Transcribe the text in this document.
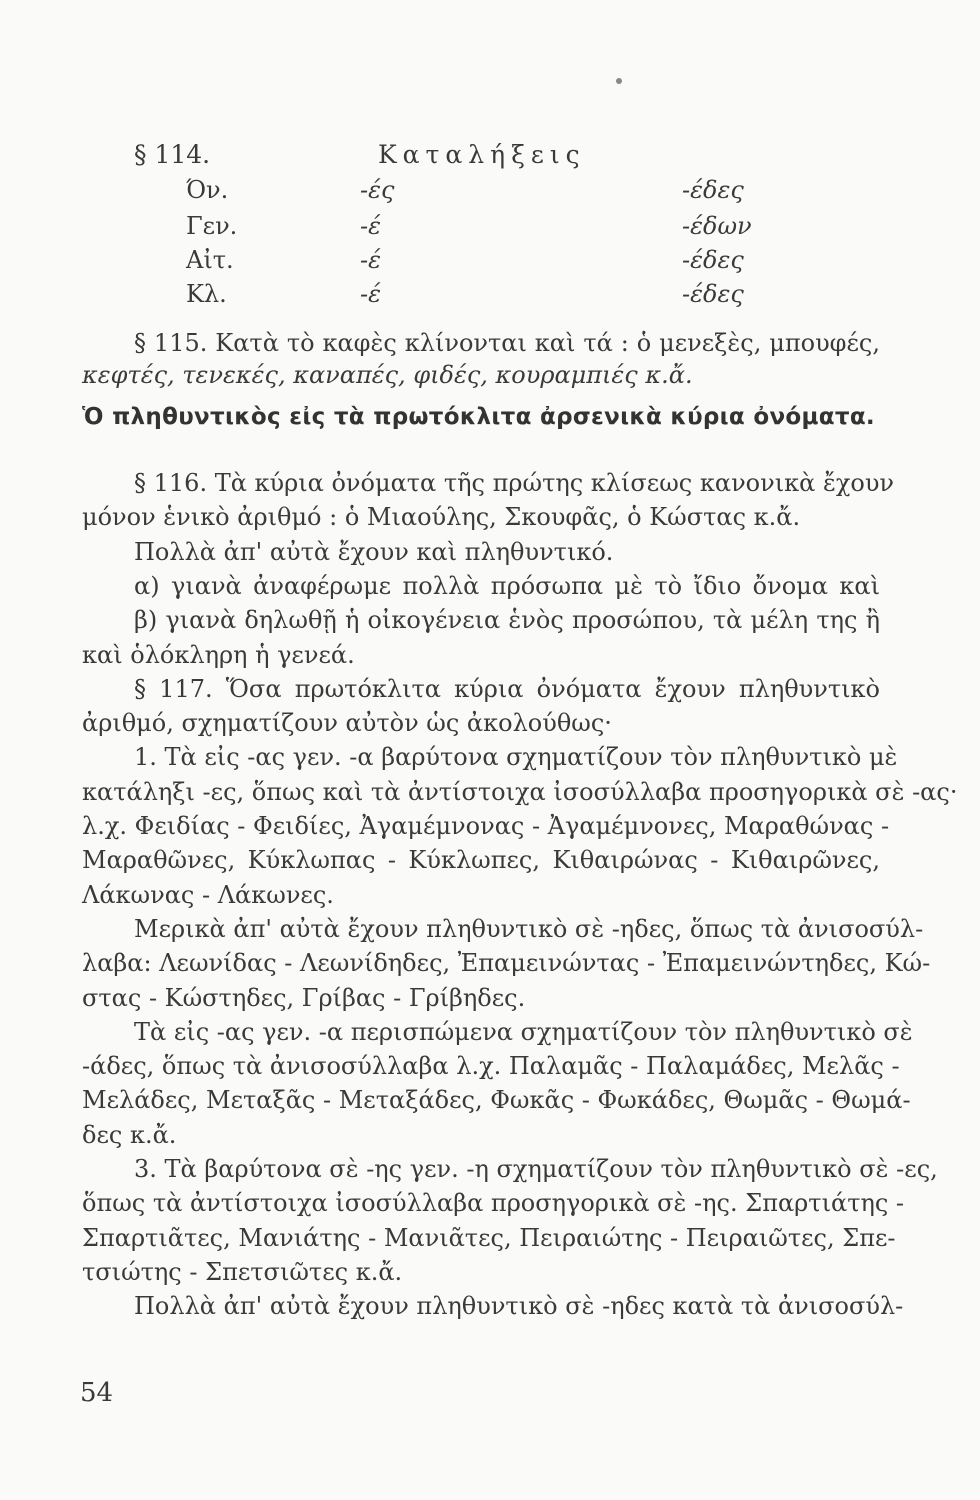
§ 114.	Καταλήξεις
Όν.	-ές	-έδες
Γεν.	-έ	-έδων
Αἰτ.	-έ	-έδες
Κλ.	-έ	-έδες
§ 115. Κατὰ τὸ καφὲς κλίνονται καὶ τά : ὁ μενεξὲς, μπουφές,
κεφτές, τενεκές, καναπές, φιδές, κουραμπιές κ.ἄ.
Ὁ πληθυντικὸς εἰς τὰ πρωτόκλιτα ἀρσενικὰ κύρια ὀνόματα.
§ 116. Τὰ κύρια ὀνόματα τῆς πρώτης κλίσεως κανονικὰ ἔχουν
μόνον ἑνικὸ ἀριθμό : ὁ Μιαούλης, Σκουφᾶς, ὁ Κώστας κ.ἄ.
Πολλὰ ἀπ' αὐτὰ ἔχουν καὶ πληθυντικό.
α) γιανὰ ἀναφέρωμε πολλὰ πρόσωπα μὲ τὸ ἴδιο ὄνομα καὶ
β) γιανὰ δηλωθῇ ἡ οἰκογένεια ἑνὸς προσώπου, τὰ μέλη της ἢ
καὶ ὁλόκληρη ἡ γενεά.
§ 117. Ὅσα πρωτόκλιτα κύρια ὀνόματα ἔχουν πληθυντικὸ
ἀριθμό, σχηματίζουν αὐτὸν ὡς ἀκολούθως·
1. Τὰ εἰς -ας γεν. -α βαρύτονα σχηματίζουν τὸν πληθυντικὸ μὲ
κατάληξι -ες, ὅπως καὶ τὰ ἀντίστοιχα ἰσοσύλλαβα προσηγορικὰ σὲ -ας·
λ.χ. Φειδίας - Φειδίες, Ἀγαμέμνονας - Ἀγαμέμνονες, Μαραθώνας -
Μαραθῶνες, Κύκλωπας - Κύκλωπες, Κιθαιρώνας - Κιθαιρῶνες,
Λάκωνας - Λάκωνες.
Μερικὰ ἀπ' αὐτὰ ἔχουν πληθυντικὸ σὲ -ηδες, ὅπως τὰ ἀνισοσύλ-
λαβα: Λεωνίδας - Λεωνίδηδες, Ἐπαμεινώντας - Ἐπαμεινώντηδες, Κώ-
στας - Κώστηδες, Γρίβας - Γρίβηδες.
Τὰ εἰς -ας γεν. -α περισπώμενα σχηματίζουν τὸν πληθυντικὸ σὲ
-άδες, ὅπως τὰ ἀνισοσύλλαβα λ.χ. Παλαμᾶς - Παλαμάδες, Μελᾶς -
Μελάδες, Μεταξᾶς - Μεταξάδες, Φωκᾶς - Φωκάδες, Θωμᾶς - Θωμά-
δες κ.ἄ.
3. Τὰ βαρύτονα σὲ -ης γεν. -η σχηματίζουν τὸν πληθυντικὸ σὲ -ες,
ὅπως τὰ ἀντίστοιχα ἰσοσύλλαβα προσηγορικὰ σὲ -ης. Σπαρτιάτης -
Σπαρτιᾶτες, Μανιάτης - Μανιᾶτες, Πειραιώτης - Πειραιῶτες, Σπε-
τσιώτης - Σπετσιῶτες κ.ἄ.
Πολλὰ ἀπ' αὐτὰ ἔχουν πληθυντικὸ σὲ -ηδες κατὰ τὰ ἀνισοσύλ-
54
